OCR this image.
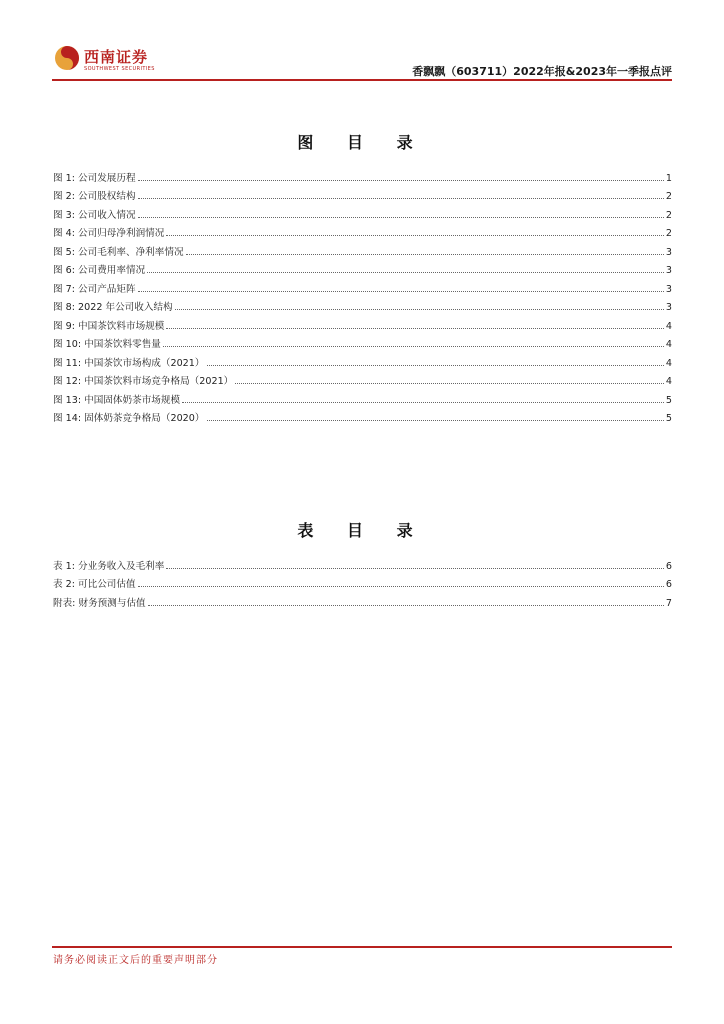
西南证券
SOUTHWEST SECURITIES	香飘飘（603711）2022年报&2023年一季报点评
图 目 录
图 1: 公司发展历程	1
图 2: 公司股权结构	2
图 3: 公司收入情况	2
图 4: 公司归母净利润情况	2
图 5: 公司毛利率、净利率情况	3
图 6: 公司费用率情况	3
图 7: 公司产品矩阵	3
图 8: 2022 年公司收入结构	3
图 9: 中国茶饮料市场规模	4
图 10: 中国茶饮料零售量	4
图 11: 中国茶饮市场构成（2021）	4
图 12: 中国茶饮料市场竞争格局（2021）	4
图 13: 中国固体奶茶市场规模	5
图 14: 固体奶茶竞争格局（2020）	5
表 目 录
表 1: 分业务收入及毛利率	6
表 2: 可比公司估值	6
附表: 财务预测与估值	7
请务必阅读正文后的重要声明部分
